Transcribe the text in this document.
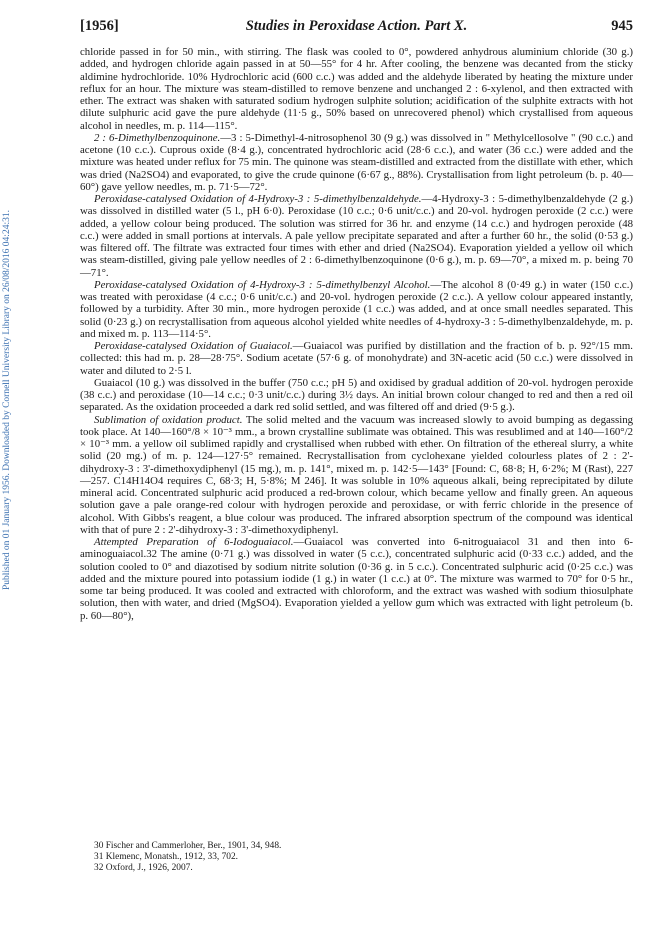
[1956]	Studies in Peroxidase Action. Part X.	945
Published on 01 January 1956. Downloaded by Cornell University Library on 26/08/2016 04:24:31.

chloride passed in for 50 min., with stirring. The flask was cooled to 0°, powdered anhydrous aluminium chloride (30 g.) added, and hydrogen chloride again passed in at 50—55° for 4 hr. After cooling, the benzene was decanted from the sticky aldimine hydrochloride. 10% Hydrochloric acid (600 c.c.) was added and the aldehyde liberated by heating the mixture under reflux for an hour. The mixture was steam-distilled to remove benzene and unchanged 2 : 6-xylenol, and then extracted with ether. The extract was shaken with saturated sodium hydrogen sulphite solution; acidification of the sulphite extracts with hot dilute sulphuric acid gave the pure aldehyde (11·5 g., 50% based on unrecovered phenol) which crystallised from aqueous alcohol in needles, m. p. 114—115°.

2 : 6-Dimethylbenzoquinone.—3 : 5-Dimethyl-4-nitrosophenol 30 (9 g.) was dissolved in " Methylcellosolve " (90 c.c.) and acetone (10 c.c.). Cuprous oxide (8·4 g.), concentrated hydrochloric acid (28·6 c.c.), and water (36 c.c.) were added and the mixture was heated under reflux for 75 min. The quinone was steam-distilled and extracted from the distillate with ether, which was dried (Na2SO4) and evaporated, to give the crude quinone (6·67 g., 88%). Crystallisation from light petroleum (b. p. 40—60°) gave yellow needles, m. p. 71·5—72°.

Peroxidase-catalysed Oxidation of 4-Hydroxy-3 : 5-dimethylbenzaldehyde.—4-Hydroxy-3 : 5-dimethylbenzaldehyde (2 g.) was dissolved in distilled water (5 l., pH 6·0). Peroxidase (10 c.c.; 0·6 unit/c.c.) and 20-vol. hydrogen peroxide (2 c.c.) were added, a yellow colour being produced. The solution was stirred for 36 hr. and enzyme (14 c.c.) and hydrogen peroxide (48 c.c.) were added in small portions at intervals. A pale yellow precipitate separated and after a further 60 hr., the solid (0·53 g.) was filtered off. The filtrate was extracted four times with ether and dried (Na2SO4). Evaporation yielded a yellow oil which was steam-distilled, giving pale yellow needles of 2 : 6-dimethylbenzoquinone (0·6 g.), m. p. 69—70°, a mixed m. p. being 70—71°.

Peroxidase-catalysed Oxidation of 4-Hydroxy-3 : 5-dimethylbenzyl Alcohol.—The alcohol 8 (0·49 g.) in water (150 c.c.) was treated with peroxidase (4 c.c.; 0·6 unit/c.c.) and 20-vol. hydrogen peroxide (2 c.c.). A yellow colour appeared instantly, followed by a turbidity. After 30 min., more hydrogen peroxide (1 c.c.) was added, and at once small needles separated. This solid (0·23 g.) on recrystallisation from aqueous alcohol yielded white needles of 4-hydroxy-3 : 5-dimethylbenzaldehyde, m. p. and mixed m. p. 113—114·5°.

Peroxidase-catalysed Oxidation of Guaiacol.—Guaiacol was purified by distillation and the fraction of b. p. 92°/15 mm. collected: this had m. p. 28—28·75°. Sodium acetate (57·6 g. of monohydrate) and 3N-acetic acid (50 c.c.) were dissolved in water and diluted to 2·5 l.

Guaiacol (10 g.) was dissolved in the buffer (750 c.c.; pH 5) and oxidised by gradual addition of 20-vol. hydrogen peroxide (38 c.c.) and peroxidase (10—14 c.c.; 0·3 unit/c.c.) during 3½ days. An initial brown colour changed to red and then a red oil separated. As the oxidation proceeded a dark red solid settled, and was filtered off and dried (9·5 g.).

Sublimation of oxidation product. The solid melted and the vacuum was increased slowly to avoid bumping as degassing took place. At 140—160°/8 × 10⁻³ mm., a brown crystalline sublimate was obtained. This was resublimed and at 140—160°/2 × 10⁻³ mm. a yellow oil sublimed rapidly and crystallised when rubbed with ether. On filtration of the ethereal slurry, a white solid (20 mg.) of m. p. 124—127·5° remained. Recrystallisation from cyclohexane yielded colourless plates of 2 : 2'-dihydroxy-3 : 3'-dimethoxydiphenyl (15 mg.), m. p. 141°, mixed m. p. 142·5—143° [Found: C, 68·8; H, 6·2%; M (Rast), 227—257. C14H14O4 requires C, 68·3; H, 5·8%; M 246]. It was soluble in 10% aqueous alkali, being reprecipitated by dilute mineral acid. Concentrated sulphuric acid produced a red-brown colour, which became yellow and finally green. An aqueous solution gave a pale orange-red colour with hydrogen peroxide and peroxidase, or with ferric chloride in the presence of alcohol. With Gibbs's reagent, a blue colour was produced. The infrared absorption spectrum of the compound was identical with that of pure 2 : 2'-dihydroxy-3 : 3'-dimethoxydiphenyl.

Attempted Preparation of 6-Iodoguaiacol.—Guaiacol was converted into 6-nitroguaiacol 31 and then into 6-aminoguaiacol.32 The amine (0·71 g.) was dissolved in water (5 c.c.), concentrated sulphuric acid (0·33 c.c.) added, and the solution cooled to 0° and diazotised by sodium nitrite solution (0·36 g. in 5 c.c.). Concentrated sulphuric acid (0·25 c.c.) was added and the mixture poured into potassium iodide (1 g.) in water (1 c.c.) at 0°. The mixture was warmed to 70° for 0·5 hr., some tar being produced. It was cooled and extracted with chloroform, and the extract was washed with sodium thiosulphate solution, then with water, and dried (MgSO4). Evaporation yielded a yellow gum which was extracted with light petroleum (b. p. 60—80°),

30 Fischer and Cammerloher, Ber., 1901, 34, 948.
31 Klemenc, Monatsh., 1912, 33, 702.
32 Oxford, J., 1926, 2007.
